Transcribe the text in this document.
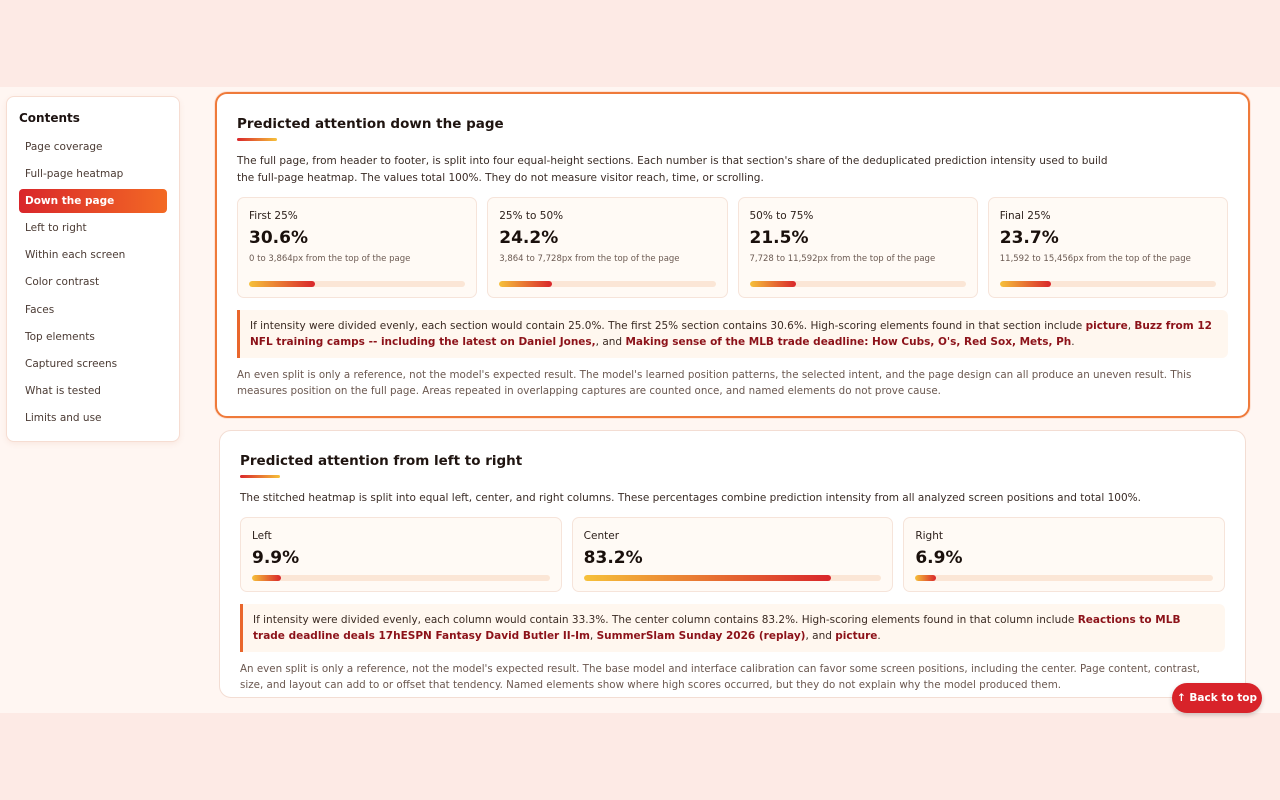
Contents
Page coverage
Full-page heatmap
Down the page
Left to right
Within each screen
Color contrast
Faces
Top elements
Captured screens
What is tested
Limits and use
Predicted attention down the page

The full page, from header to footer, is split into four equal-height sections. Each number is that section's share of the deduplicated prediction intensity used to build the full-page heatmap. The values total 100%. They do not measure visitor reach, time, or scrolling.

First 25%
30.6%
0 to 3,864px from the top of the page
25% to 50%
24.2%
3,864 to 7,728px from the top of the page
50% to 75%
21.5%
7,728 to 11,592px from the top of the page
Final 25%
23.7%
11,592 to 15,456px from the top of the page
If intensity were divided evenly, each section would contain 25.0%. The first 25% section contains 30.6%. High-scoring elements found in that section include picture, Buzz from 12 NFL training camps -- including the latest on Daniel Jones,, and Making sense of the MLB trade deadline: How Cubs, O's, Red Sox, Mets, Ph.

An even split is only a reference, not the model's expected result. The model's learned position patterns, the selected intent, and the page design can all produce an uneven result. This measures position on the full page. Areas repeated in overlapping captures are counted once, and named elements do not prove cause.

Predicted attention from left to right

The stitched heatmap is split into equal left, center, and right columns. These percentages combine prediction intensity from all analyzed screen positions and total 100%.

Left
9.9%
Center
83.2%
Right
6.9%
If intensity were divided evenly, each column would contain 33.3%. The center column contains 83.2%. High-scoring elements found in that column include Reactions to MLB trade deadline deals 17hESPN Fantasy David Butler II-Im, SummerSlam Sunday 2026 (replay), and picture.

An even split is only a reference, not the model's expected result. The base model and interface calibration can favor some screen positions, including the center. Page content, contrast, size, and layout can add to or offset that tendency. Named elements show where high scores occurred, but they do not explain why the model produced them.

↑ Back to top
